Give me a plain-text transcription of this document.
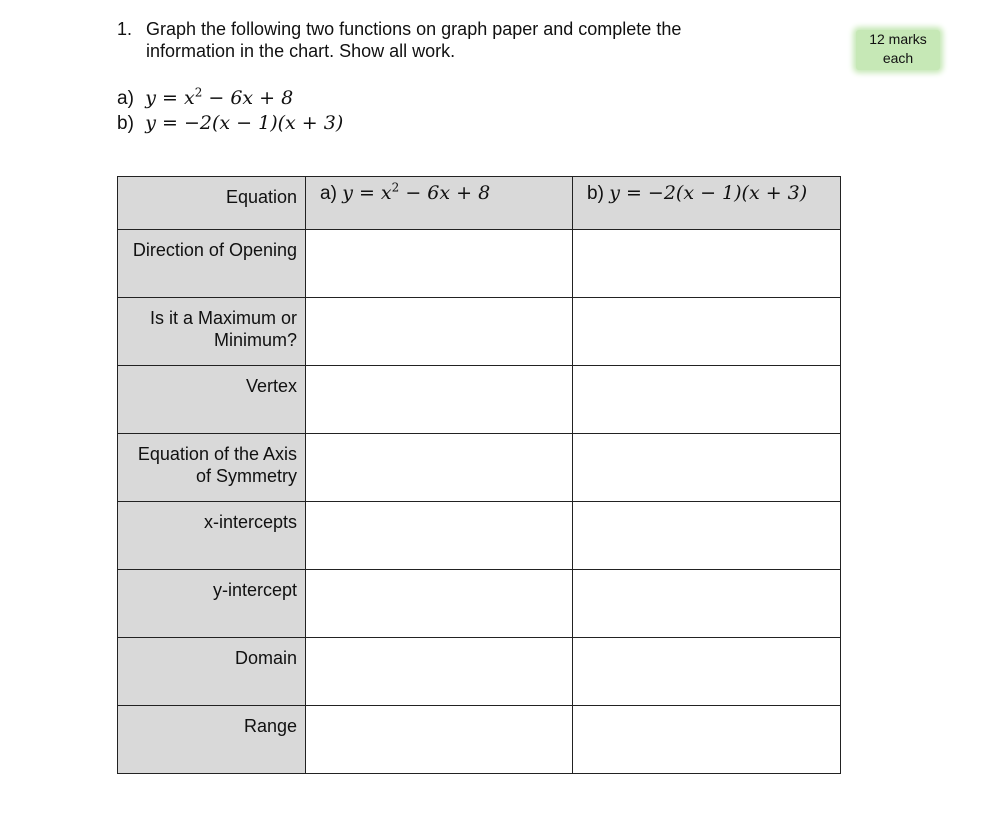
1. Graph the following two functions on graph paper and complete the
information in the chart. Show all work.
12 marks
each
a) $y = x^2 - 6x + 8$
b) y = −2(x − 1)(x + 3)
Equation	a) $y = x^2 - 6x + 8$	b) y = −2(x − 1)(x + 3)
Direction of Opening		
Is it a Maximum or Minimum?		
Vertex		
Equation of the Axis of Symmetry		
x-intercepts		
y-intercept		
Domain		
Range		
